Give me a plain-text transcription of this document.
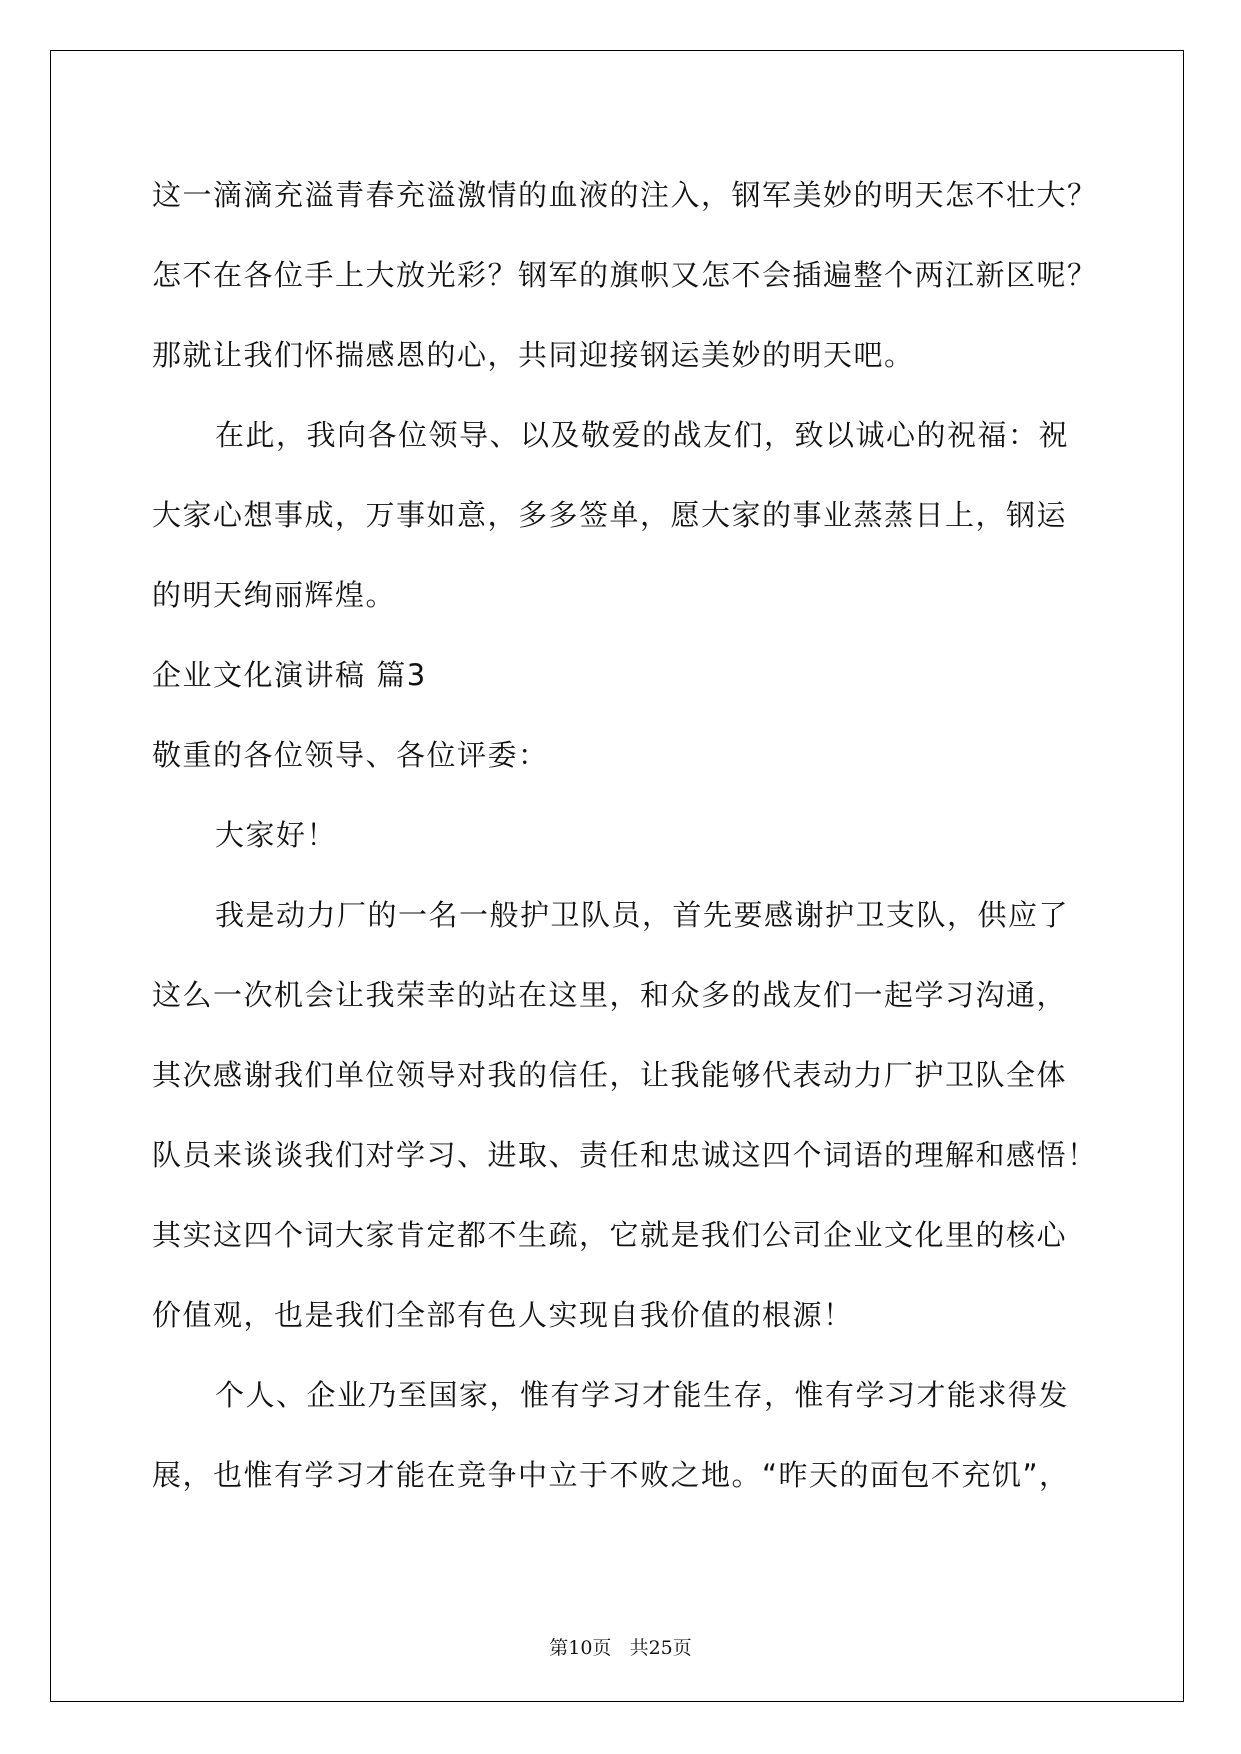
这一滴滴充溢青春充溢激情的血液的注入，钢军美妙的明天怎不壮大？
怎不在各位手上大放光彩？钢军的旗帜又怎不会插遍整个两江新区呢？
那就让我们怀揣感恩的心，共同迎接钢运美妙的明天吧。
在此，我向各位领导、以及敬爱的战友们，致以诚心的祝福：祝
大家心想事成，万事如意，多多签单，愿大家的事业蒸蒸日上，钢运
的明天绚丽辉煌。
企业文化演讲稿 篇3
敬重的各位领导、各位评委：
大家好！
我是动力厂的一名一般护卫队员，首先要感谢护卫支队，供应了
这么一次机会让我荣幸的站在这里，和众多的战友们一起学习沟通，
其次感谢我们单位领导对我的信任，让我能够代表动力厂护卫队全体
队员来谈谈我们对学习、进取、责任和忠诚这四个词语的理解和感悟！
其实这四个词大家肯定都不生疏，它就是我们公司企业文化里的核心
价值观，也是我们全部有色人实现自我价值的根源！
个人、企业乃至国家，惟有学习才能生存，惟有学习才能求得发
展，也惟有学习才能在竞争中立于不败之地。“昨天的面包不充饥”，
第10页 共25页
